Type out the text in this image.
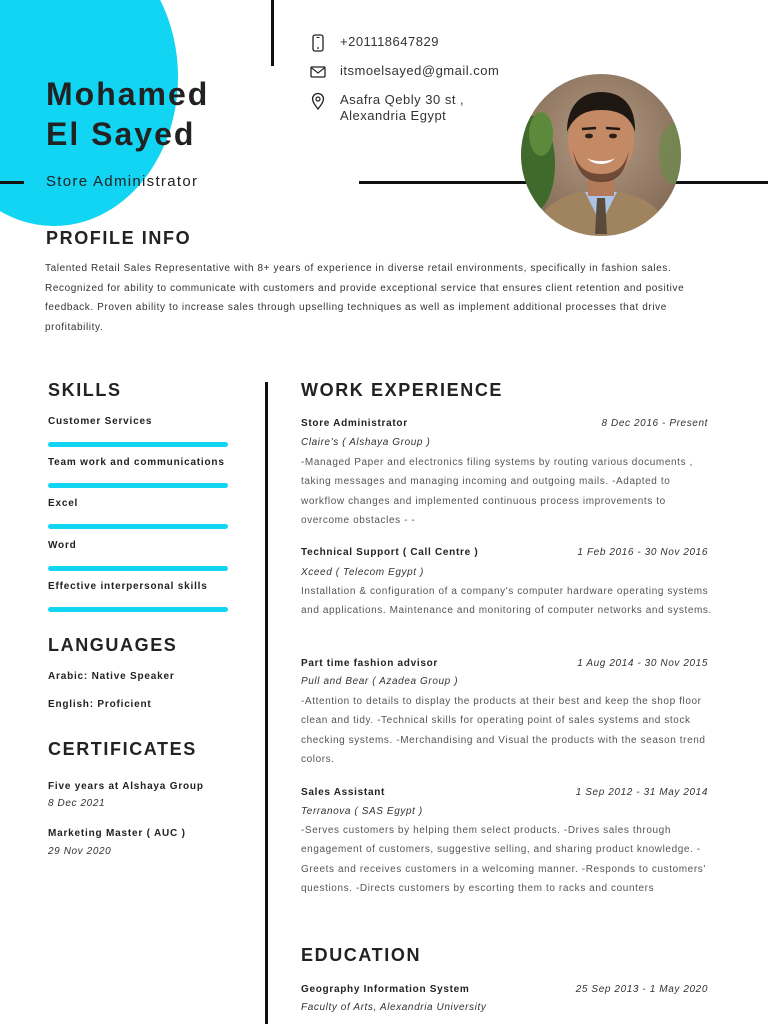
Mohamed
El Sayed
Store Administrator
+201118647829
itsmoelsayed@gmail.com
Asafra Qebly 30 st ,
Alexandria Egypt
PROFILE INFO
Talented Retail Sales Representative with 8+ years of experience in diverse retail environments, specifically in fashion sales. Recognized for ability to communicate with customers and provide exceptional service that ensures client retention and positive feedback. Proven ability to increase sales through upselling techniques as well as implement additional processes that drive profitability.
SKILLS
Customer Services
Team work and communications
Excel
Word
Effective interpersonal skills
LANGUAGES
Arabic: Native Speaker
English: Proficient
CERTIFICATES
Five years at Alshaya Group
8 Dec 2021
Marketing Master ( AUC )
29 Nov 2020
WORK EXPERIENCE
Store Administrator	8 Dec 2016 - Present
Claire's ( Alshaya Group )
-Managed Paper and electronics filing systems by routing various documents , taking messages and managing incoming and outgoing mails. -Adapted to workflow changes and implemented continuous process improvements to overcome obstacles - -
Technical Support ( Call Centre )	1 Feb 2016 - 30 Nov 2016
Xceed ( Telecom Egypt )
Installation & configuration of a company's computer hardware operating systems and applications. Maintenance and monitoring of computer networks and systems.
Part time fashion advisor	1 Aug 2014 - 30 Nov 2015
Pull and Bear ( Azadea Group )
-Attention to details to display the products at their best and keep the shop floor clean and tidy. -Technical skills for operating point of sales systems and stock checking systems. -Merchandising and Visual the products with the season trend colors.
Sales Assistant	1 Sep 2012 - 31 May 2014
Terranova ( SAS Egypt )
-Serves customers by helping them select products. -Drives sales through engagement of customers, suggestive selling, and sharing product knowledge. -Greets and receives customers in a welcoming manner. -Responds to customers' questions. -Directs customers by escorting them to racks and counters
EDUCATION
Geography Information System	25 Sep 2013 - 1 May 2020
Faculty of Arts, Alexandria University
